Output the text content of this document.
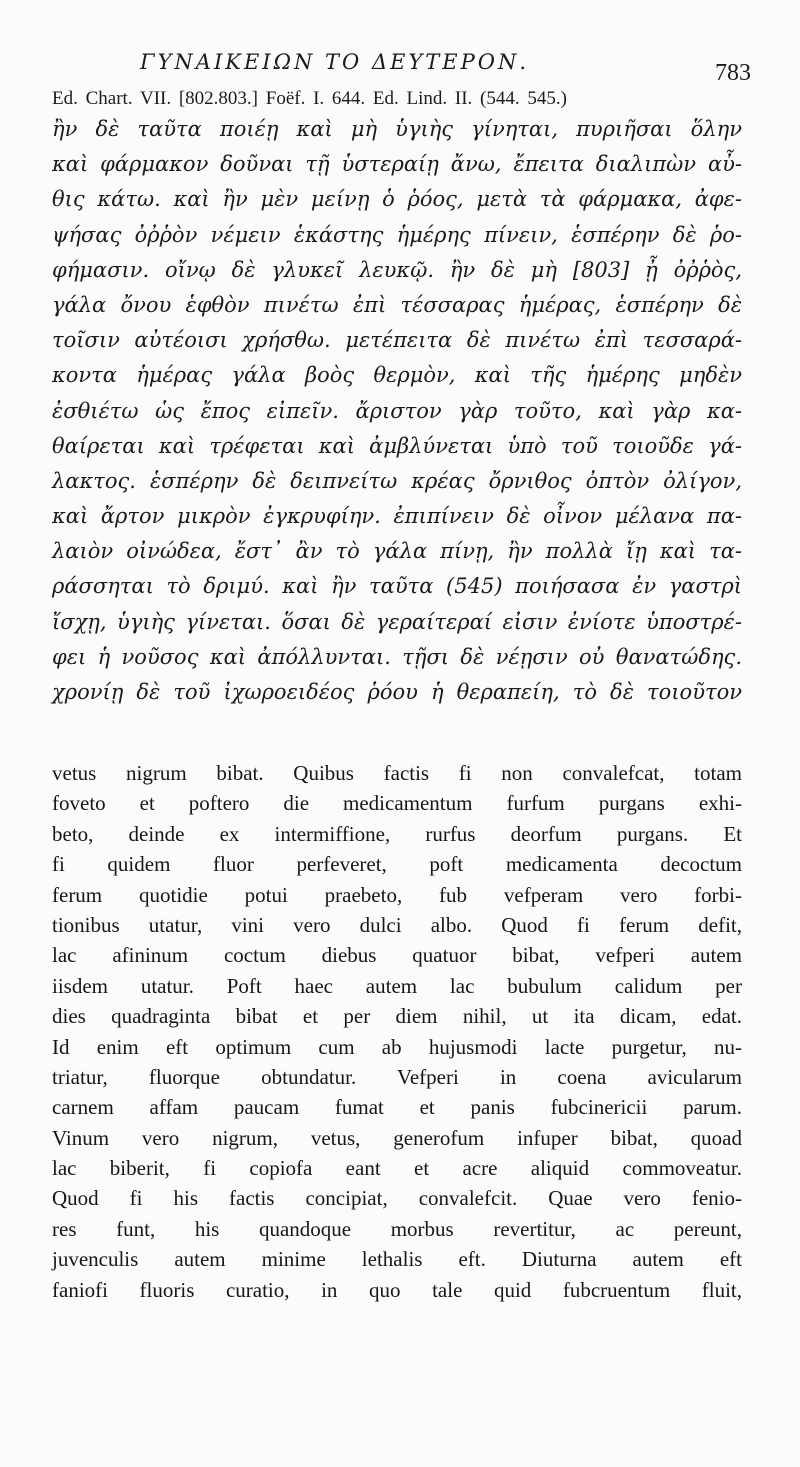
ΓΥΝΑΙΚΕΙΩΝ ΤΟ ΔΕΥΤΕΡΟΝ.	783
Ed. Chart. VII. [802.803.] Foëf. I. 644. Ed. Lind. II. (544. 545.)
ἢν δὲ ταῦτα ποιέῃ καὶ μὴ ὑγιὴς γίνηται, πυριῆσαι ὅλην
καὶ φάρμακον δοῦναι τῇ ὑστεραίῃ ἄνω, ἔπειτα διαλιπὼν αὖ-
θις κάτω. καὶ ἢν μὲν μείνῃ ὁ ῥόος, μετὰ τὰ φάρμακα, ἀφε-
ψήσας ὀῤῥὸν νέμειν ἑκάστης ἡμέρης πίνειν, ἑσπέρην δὲ ῥο-
φήμασιν. οἴνῳ δὲ γλυκεῖ λευκῷ. ἢν δὲ μὴ [803] ᾖ ὀῤῥὸς,
γάλα ὄνου ἑφθὸν πινέτω ἐπὶ τέσσαρας ἡμέρας, ἑσπέρην δὲ
τοῖσιν αὐτέοισι χρήσθω. μετέπειτα δὲ πινέτω ἐπὶ τεσσαρά-
κοντα ἡμέρας γάλα βοὸς θερμὸν, καὶ τῆς ἡμέρης μηδὲν
ἐσθιέτω ὡς ἔπος εἰπεῖν. ἄριστον γὰρ τοῦτο, καὶ γὰρ κα-
θαίρεται καὶ τρέφεται καὶ ἀμβλύνεται ὑπὸ τοῦ τοιοῦδε γά-
λακτος. ἑσπέρην δὲ δειπνείτω κρέας ὄρνιθος ὀπτὸν ὀλίγον,
καὶ ἄρτον μικρὸν ἐγκρυφίην. ἐπιπίνειν δὲ οἶνον μέλανα πα-
λαιὸν οἰνώδεα, ἔστ᾽ ἂν τὸ γάλα πίνῃ, ἢν πολλὰ ἴῃ καὶ τα-
ράσσηται τὸ δριμύ. καὶ ἢν ταῦτα (545) ποιήσασα ἐν γαστρὶ
ἴσχῃ, ὑγιὴς γίνεται. ὅσαι δὲ γεραίτεραί εἰσιν ἐνίοτε ὑποστρέ-
φει ἡ νοῦσος καὶ ἀπόλλυνται. τῇσι δὲ νέῃσιν οὐ θανατώδης.
χρονίῃ δὲ τοῦ ἰχωροειδέος ῥόου ἡ θεραπείη, τὸ δὲ τοιοῦτον
vetus nigrum bibat. Quibus factis fi non convalefcat, totam
foveto et poftero die medicamentum furfum purgans exhi-
beto, deinde ex intermiffione, rurfus deorfum purgans. Et
fi quidem fluor perfeveret, poft medicamenta decoctum
ferum quotidie potui praebeto, fub vefperam vero forbi-
tionibus utatur, vini vero dulci albo. Quod fi ferum defit,
lac afininum coctum diebus quatuor bibat, vefperi autem
iisdem utatur. Poft haec autem lac bubulum calidum per
dies quadraginta bibat et per diem nihil, ut ita dicam, edat.
Id enim eft optimum cum ab hujusmodi lacte purgetur, nu-
triatur, fluorque obtundatur. Vefperi in coena avicularum
carnem affam paucam fumat et panis fubcinericii parum.
Vinum vero nigrum, vetus, generofum infuper bibat, quoad
lac biberit, fi copiofa eant et acre aliquid commoveatur.
Quod fi his factis concipiat, convalefcit. Quae vero fenio-
res funt, his quandoque morbus revertitur, ac pereunt,
juvenculis autem minime lethalis eft. Diuturna autem eft
faniofi fluoris curatio, in quo tale quid fubcruentum fluit,
